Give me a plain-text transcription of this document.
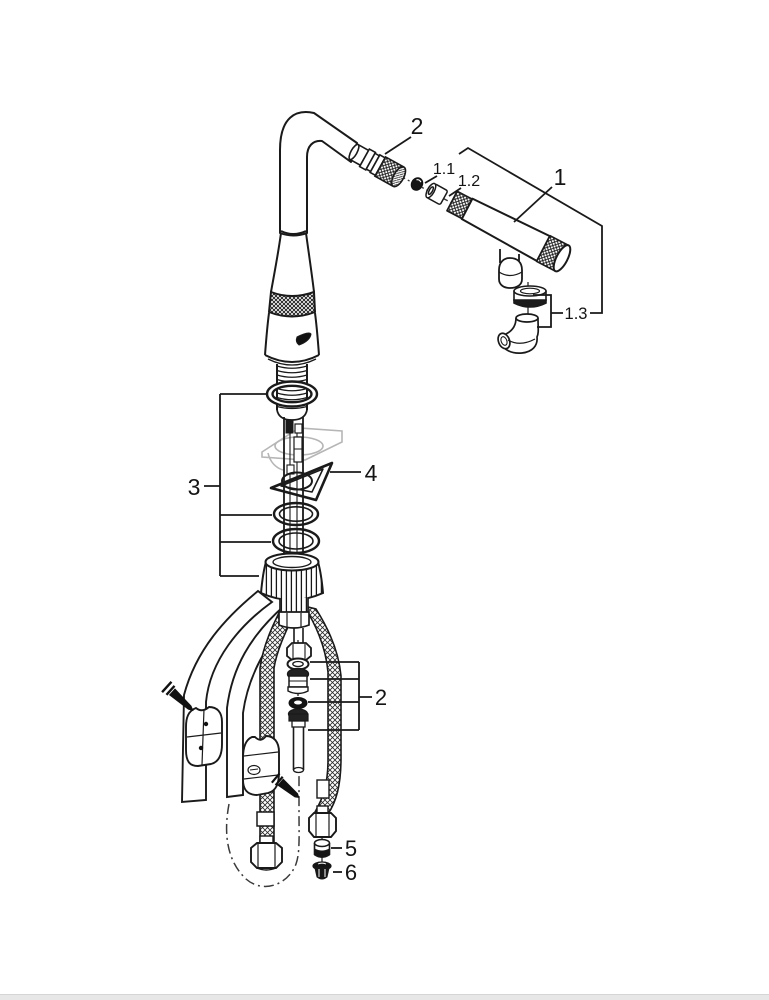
2
1.1
1.2	1
1.3
3
4
2
5
6
